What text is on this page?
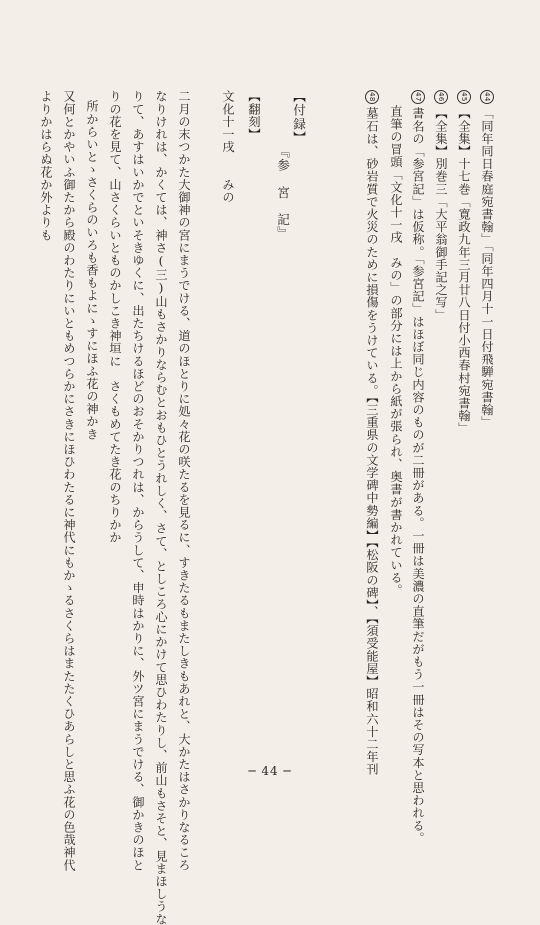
44「同年同日春庭宛書翰」「同年四月十一日付飛騨宛書翰」
45【全集】十七巻「寛政九年三月廿八日付小西春村宛書翰」
46【全集】別巻三「大平翁御手記之写」
47書名の「参宮記」は仮称。「参宮記」はほぼ同じ内容のものが二冊がある。一冊は美濃の直筆だがもう一冊はその写本と思われる。
直筆の冒頭「文化十一戌　みの」の部分には上から紙が張られ、奥書が書かれている。
48墓石は、砂岩質で火災のために損傷をうけている。【三重県の文学碑中勢編】【松阪の碑】、【須受能屋】昭和六十二年刊
【付録】
『参　宮　記』
【翻刻】
文化十一戌　　みの
二月の末つかた大御神の宮にまうでける、道のほとりに処々花の咲たるを見るに、すきたるもまたしきもあれと、大かたはさかりなるころ
なりけれは、かくては、神さ(三)山もさかりならむとおもひとうれしく、さて、としころ心にかけて思ひわたりし、前山もさそと、見まほしうな
りて、あすはいかでといそきゆくに、出たちけるほどのおそかりつれは、からうして、申時はかりに、外ツ宮にまうでける、御かきのほと
りの花を見て、山さくらいとものかしこき神垣に　さくもめてたき花のちりかか
所からいとゝさくらのいろも香もよにゝすにほふ花の神かき
又何とかやいふ御たから殿のわたりにいともめつらかにさきにほひわたるに神代にもかゝるさくらはまたたくひあらしと思ふ花の色哉神代
よりかはらぬ花か外よりも
─ 44 ─
